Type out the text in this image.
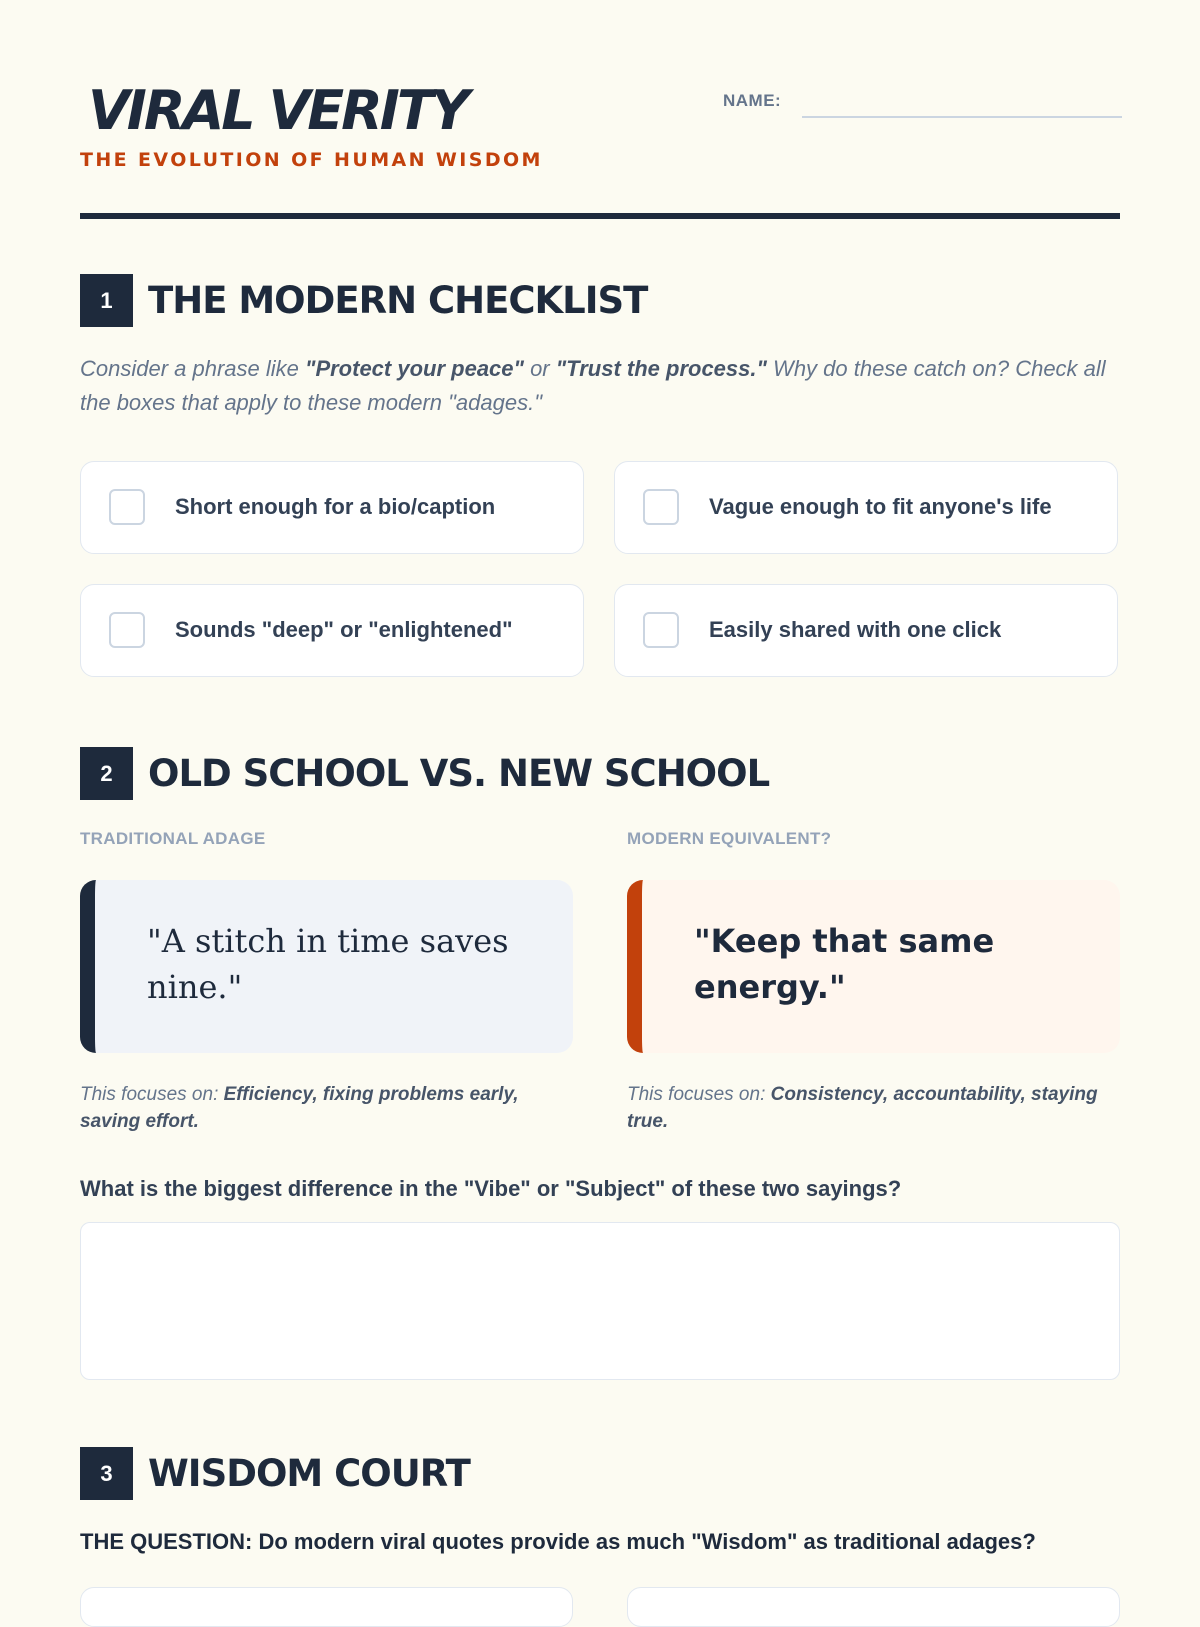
VIRAL VERITY
THE EVOLUTION OF HUMAN WISDOM
NAME:
1 THE MODERN CHECKLIST
Consider a phrase like "Protect your peace" or "Trust the process." Why do these catch on? Check all the boxes that apply to these modern "adages."
Short enough for a bio/caption	Vague enough to fit anyone's life
Sounds "deep" or "enlightened"	Easily shared with one click
2 OLD SCHOOL VS. NEW SCHOOL
TRADITIONAL ADAGE	MODERN EQUIVALENT?
"A stitch in time saves nine."
"Keep that same energy."
This focuses on: Efficiency, fixing problems early, saving effort.
This focuses on: Consistency, accountability, staying true.
What is the biggest difference in the "Vibe" or "Subject" of these two sayings?
3 WISDOM COURT
THE QUESTION: Do modern viral quotes provide as much "Wisdom" as traditional adages?
